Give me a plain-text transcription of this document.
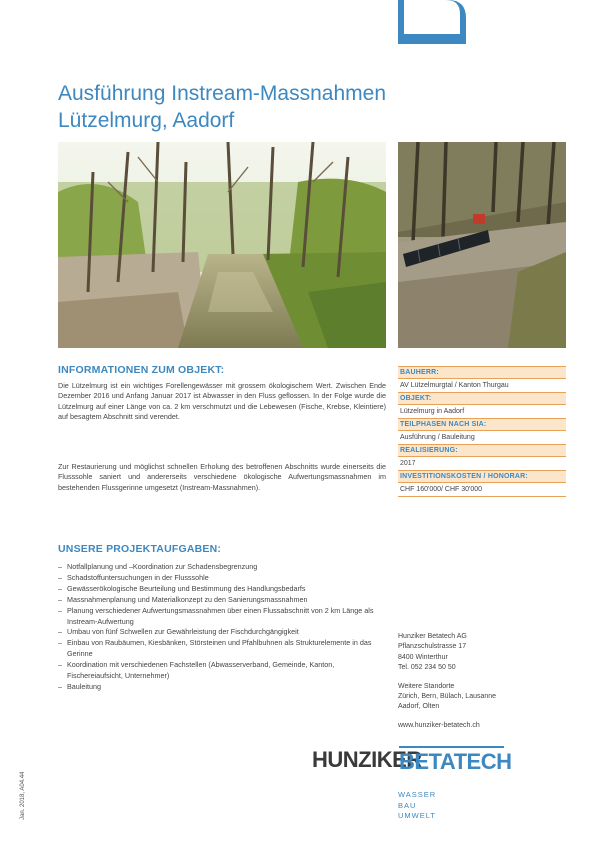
Ausführung Instream-Massnahmen
Lützelmurg, Aadorf
INFORMATIONEN ZUM OBJEKT:

Die Lützelmurg ist ein wichtiges Forellengewässer mit grossem ökologischem Wert. Zwischen Ende Dezember 2016 und Anfang Januar 2017 ist Abwasser in den Fluss geflossen. In der Folge wurde die Lützelmurg auf einer Länge von ca. 2 km verschmutzt und die Lebewesen (Fische, Krebse, Kleintiere) auf besagtem Abschnitt sind verendet.

Zur Restaurierung und möglichst schnellen Erholung des betroffenen Abschnitts wurde einerseits die Flusssohle saniert und andererseits verschiedene ökologische Aufwertungsmassnahmen im bestehenden Flussgerinne umgesetzt (Instream-Massnahmen).

UNSERE PROJEKTAUFGABEN:
– Notfallplanung und –Koordination zur Schadensbegrenzung
– Schadstoffuntersuchungen in der Flusssohle
– Gewässerökologische Beurteilung und Bestimmung des Handlungsbedarfs
– Massnahmenplanung und Materialkonzept zu den Sanierungsmassnahmen
– Planung verschiedener Aufwertungsmassnahmen über einen Flussabschnitt von 2 km Länge als Instream-Aufwertung
– Umbau von fünf Schwellen zur Gewährleistung der Fischdurchgängigkeit
– Einbau von Raubäumen, Kiesbänken, Störsteinen und Pfahlbuhnen als Strukturelemente in das Gerinne
– Koordination mit verschiedenen Fachstellen (Abwasserverband, Gemeinde, Kanton, Fischereiaufsicht, Unternehmer)
– Bauleitung
BAUHERR:
AV Lützelmurgtal / Kanton Thurgau
OBJEKT:
Lützelmurg in Aadorf
TEILPHASEN NACH SIA:
Ausführung / Bauleitung
REALISIERUNG:
2017
INVESTITIONSKOSTEN / HONORAR:
CHF 160'000/ CHF 30'000
Hunziker Betatech AG
Pflanzschulstrasse 17
8400 Winterthur
Tel. 052 234 50 50
Weitere Standorte
Zürich, Bern, Bülach, Lausanne
Aadorf, Olten
www.hunziker-betatech.ch
HUNZIKER
BETATECH
WASSER
BAU
UMWELT
Jan. 2018, A04.44
